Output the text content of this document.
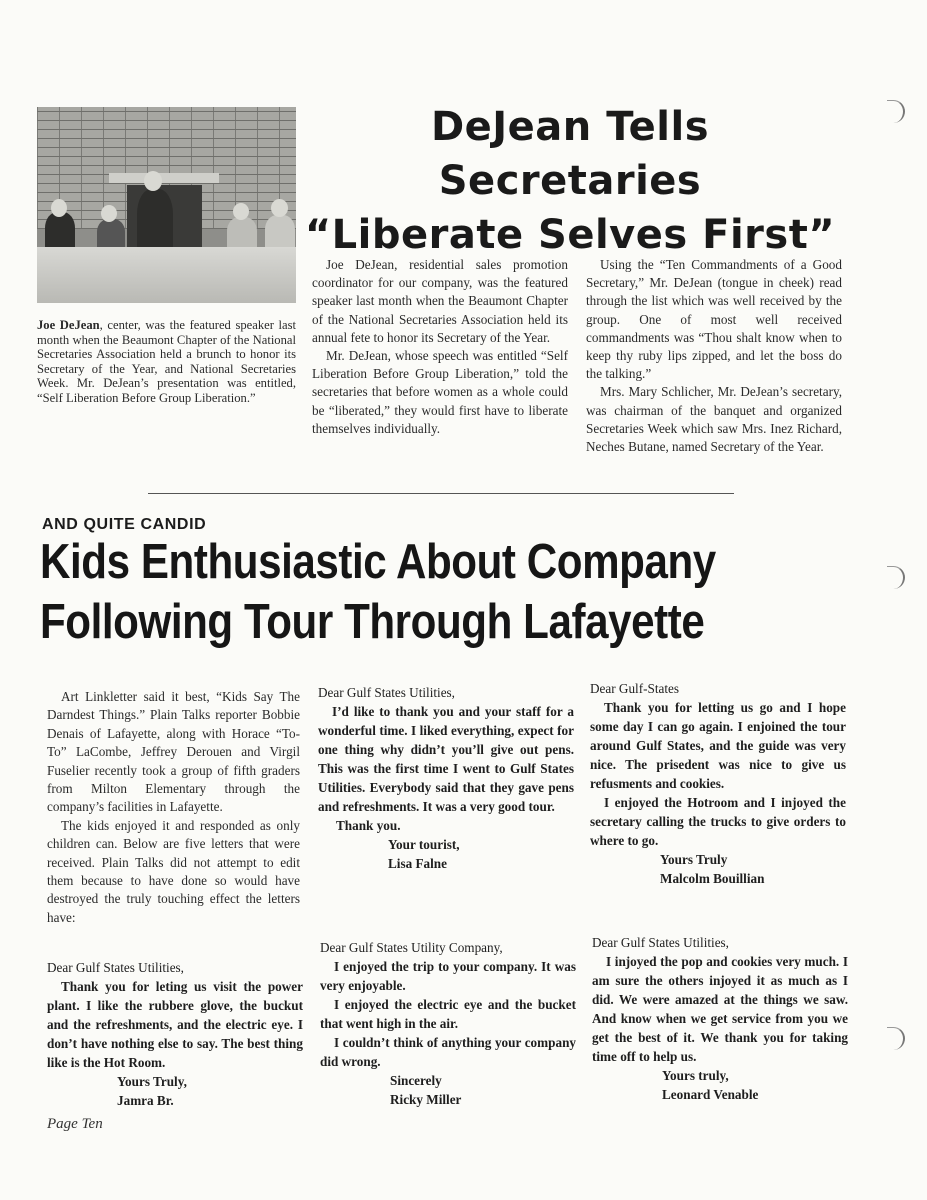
DeJean Tells Secretaries
“Liberate Selves First”

Joe DeJean, center, was the featured speaker last month when the Beaumont Chapter of the National Secretaries Association held a brunch to honor its Secretary of the Year, and National Secretaries Week. Mr. DeJean’s presentation was entitled, “Self Liberation Before Group Liberation.”

Joe DeJean, residential sales promotion coordinator for our company, was the featured speaker last month when the Beaumont Chapter of the National Secretaries Association held its annual fete to honor its Secretary of the Year.

Mr. DeJean, whose speech was entitled “Self Liberation Before Group Liberation,” told the secretaries that before women as a whole could be “liberated,” they would first have to liberate themselves individually.

Using the “Ten Commandments of a Good Secretary,” Mr. DeJean (tongue in cheek) read through the list which was well received by the group. One of most well received commandments was “Thou shalt know when to keep thy ruby lips zipped, and let the boss do the talking.”

Mrs. Mary Schlicher, Mr. DeJean’s secretary, was chairman of the banquet and organized Secretaries Week which saw Mrs. Inez Richard, Neches Butane, named Secretary of the Year.

AND QUITE CANDID
Kids Enthusiastic About Company
Following Tour Through Lafayette

Art Linkletter said it best, “Kids Say The Darndest Things.” Plain Talks reporter Bobbie Denais of Lafayette, along with Horace “To-To” LaCombe, Jeffrey Derouen and Virgil Fuselier recently took a group of fifth graders from Milton Elementary through the company’s facilities in Lafayette.

The kids enjoyed it and responded as only children can. Below are five letters that were received. Plain Talks did not attempt to edit them because to have done so would have destroyed the truly touching effect the letters have:

Dear Gulf States Utilities,

I’d like to thank you and your staff for a wonderful time. I liked everything, expect for one thing why didn’t you’ll give out pens. This was the first time I went to Gulf States Utilities. Everybody said that they gave pens and refreshments. It was a very good tour.

Thank you.
Your tourist,
Lisa Falne
Dear Gulf-States

Thank you for letting us go and I hope some day I can go again. I enjoined the tour around Gulf States, and the guide was very nice. The prisedent was nice to give us refusments and cookies.

I enjoyed the Hotroom and I injoyed the secretary calling the trucks to give orders to where to go.

Yours Truly
Malcolm Bouillian
Dear Gulf States Utilities,

Thank you for leting us visit the power plant. I like the rubbere glove, the buckut and the refreshments, and the electric eye. I don’t have nothing else to say. The best thing like is the Hot Room.

Yours Truly,
Jamra Br.
Dear Gulf States Utility Company,

I enjoyed the trip to your company. It was very enjoyable.

I enjoyed the electric eye and the bucket that went high in the air.

I couldn’t think of anything your company did wrong.

Sincerely
Ricky Miller
Dear Gulf States Utilities,

I injoyed the pop and cookies very much. I am sure the others injoyed it as much as I did. We were amazed at the things we saw. And know when we get service from you we get the best of it. We thank you for taking time off to help us.

Yours truly,
Leonard Venable
Page Ten
